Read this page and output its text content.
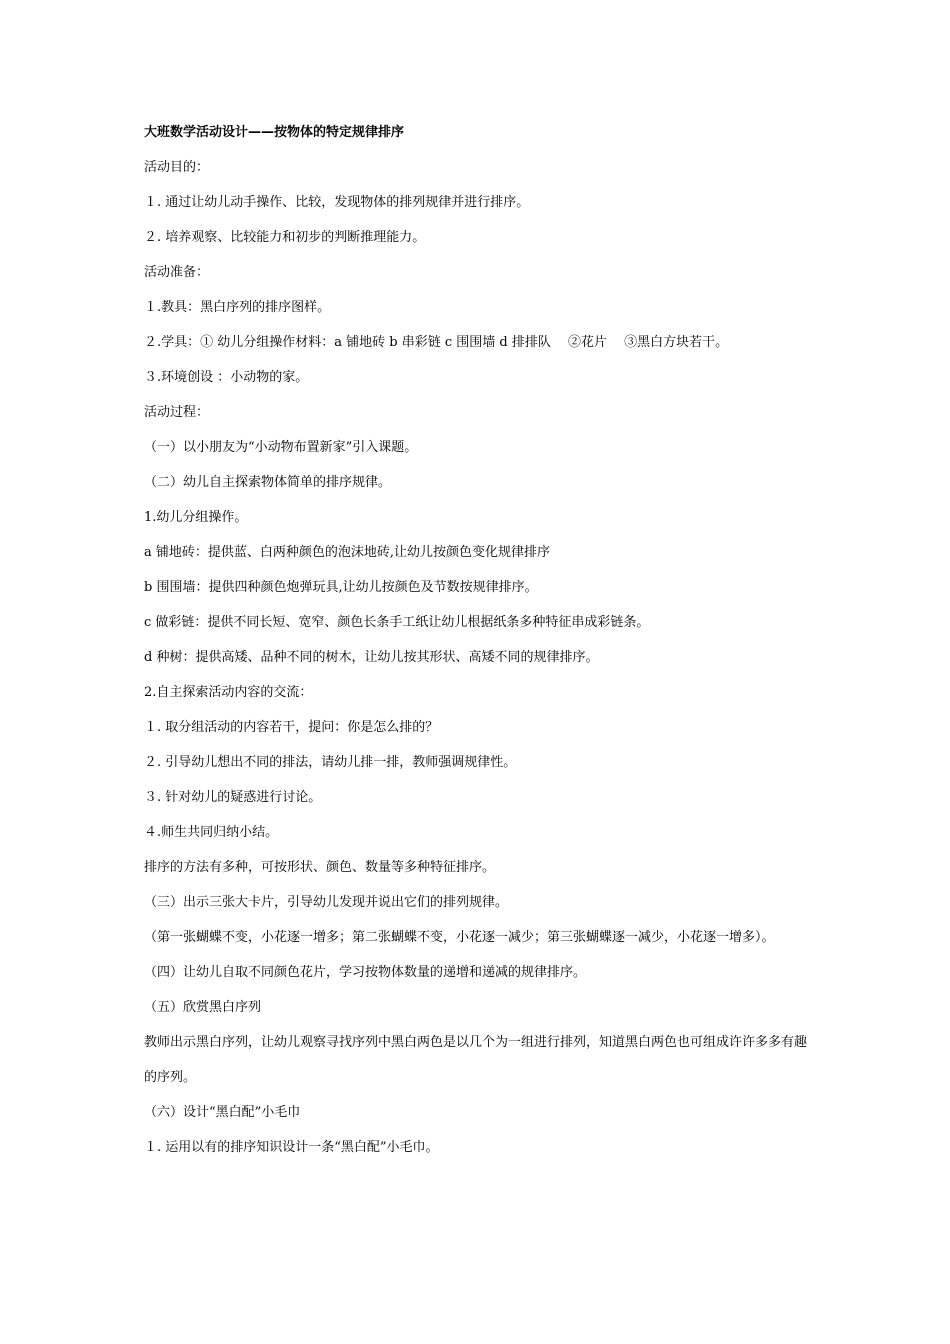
大班数学活动设计——按物体的特定规律排序
活动目的：
１. 通过让幼儿动手操作、比较，发现物体的排列规律并进行排序。
２. 培养观察、比较能力和初步的判断推理能力。
活动准备：
１.教具：黑白序列的排序图样。
２.学具：① 幼儿分组操作材料：a 铺地砖 b 串彩链 c 围围墙 d 排排队　 ②花片　 ③黑白方块若干。
３.环境创设 ：小动物的家。
活动过程：
（一）以小朋友为“小动物布置新家”引入课题。
（二）幼儿自主探索物体简单的排序规律。
1.幼儿分组操作。
a 铺地砖：提供蓝、白两种颜色的泡沫地砖,让幼儿按颜色变化规律排序
b 围围墙：提供四种颜色炮弹玩具,让幼儿按颜色及节数按规律排序。
c 做彩链：提供不同长短、宽窄、颜色长条手工纸让幼儿根据纸条多种特征串成彩链条。
d 种树：提供高矮、品种不同的树木，让幼儿按其形状、高矮不同的规律排序。
2.自主探索活动内容的交流：
１. 取分组活动的内容若干，提问：你是怎么排的？
２. 引导幼儿想出不同的排法，请幼儿排一排，教师强调规律性。
３. 针对幼儿的疑惑进行讨论。
４.师生共同归纳小结。
排序的方法有多种，可按形状、颜色、数量等多种特征排序。
（三）出示三张大卡片，引导幼儿发现并说出它们的排列规律。
（第一张蝴蝶不变，小花逐一增多；第二张蝴蝶不变，小花逐一减少；第三张蝴蝶逐一减少，小花逐一增多）。
（四）让幼儿自取不同颜色花片，学习按物体数量的递增和递减的规律排序。
（五）欣赏黑白序列
教师出示黑白序列，让幼儿观察寻找序列中黑白两色是以几个为一组进行排列，知道黑白两色也可组成许许多多有趣的序列。
（六）设计“黑白配”小毛巾
１. 运用以有的排序知识设计一条“黑白配”小毛巾。
